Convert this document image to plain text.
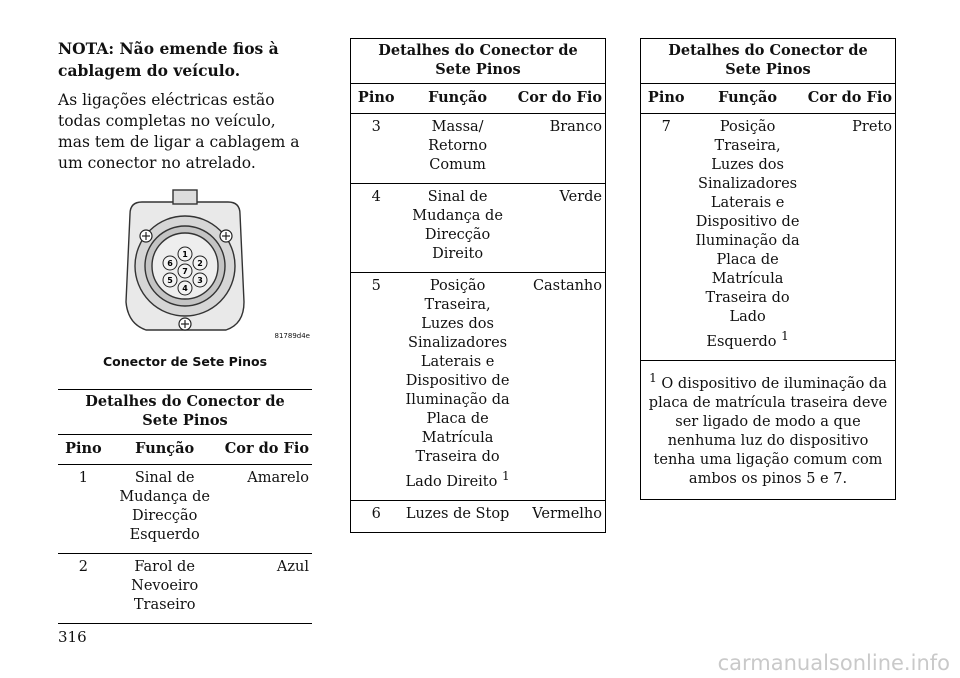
NOTA: Não emende fios à cablagem do veículo.

As ligações eléctricas estão todas completas no veículo, mas tem de ligar a cablagem a um conector no atrelado.

1
2
3
4
5
6
7
81789d4e
Conector de Sete Pinos
Detalhes do Conector de Sete Pinos		
Pino	Função	Cor do Fio
1	Sinal de Mudança de Direcção Esquerdo	Amarelo
2	Farol de Nevoeiro Traseiro	Azul
Detalhes do Conector de Sete Pinos		
Pino	Função	Cor do Fio
3	Massa/ Retorno Comum	Branco
4	Sinal de Mudança de Direcção Direito	Verde
5	Posição Traseira, Luzes dos Sinalizadores Laterais e Dispositivo de Iluminação da Placa de Matrícula Traseira do Lado Direito $^1$	Castanho
6	Luzes de Stop	Vermelho
Detalhes do Conector de Sete Pinos		
Pino	Função	Cor do Fio
7	Posição Traseira, Luzes dos Sinalizadores Laterais e Dispositivo de Iluminação da Placa de Matrícula Traseira do Lado Esquerdo $^1$	Preto
$^1$ O dispositivo de iluminação da placa de matrícula traseira deve ser ligado de modo a que nenhuma luz do dispositivo tenha uma ligação comum com ambos os pinos 5 e 7.		
316
carmanualsonline.info
